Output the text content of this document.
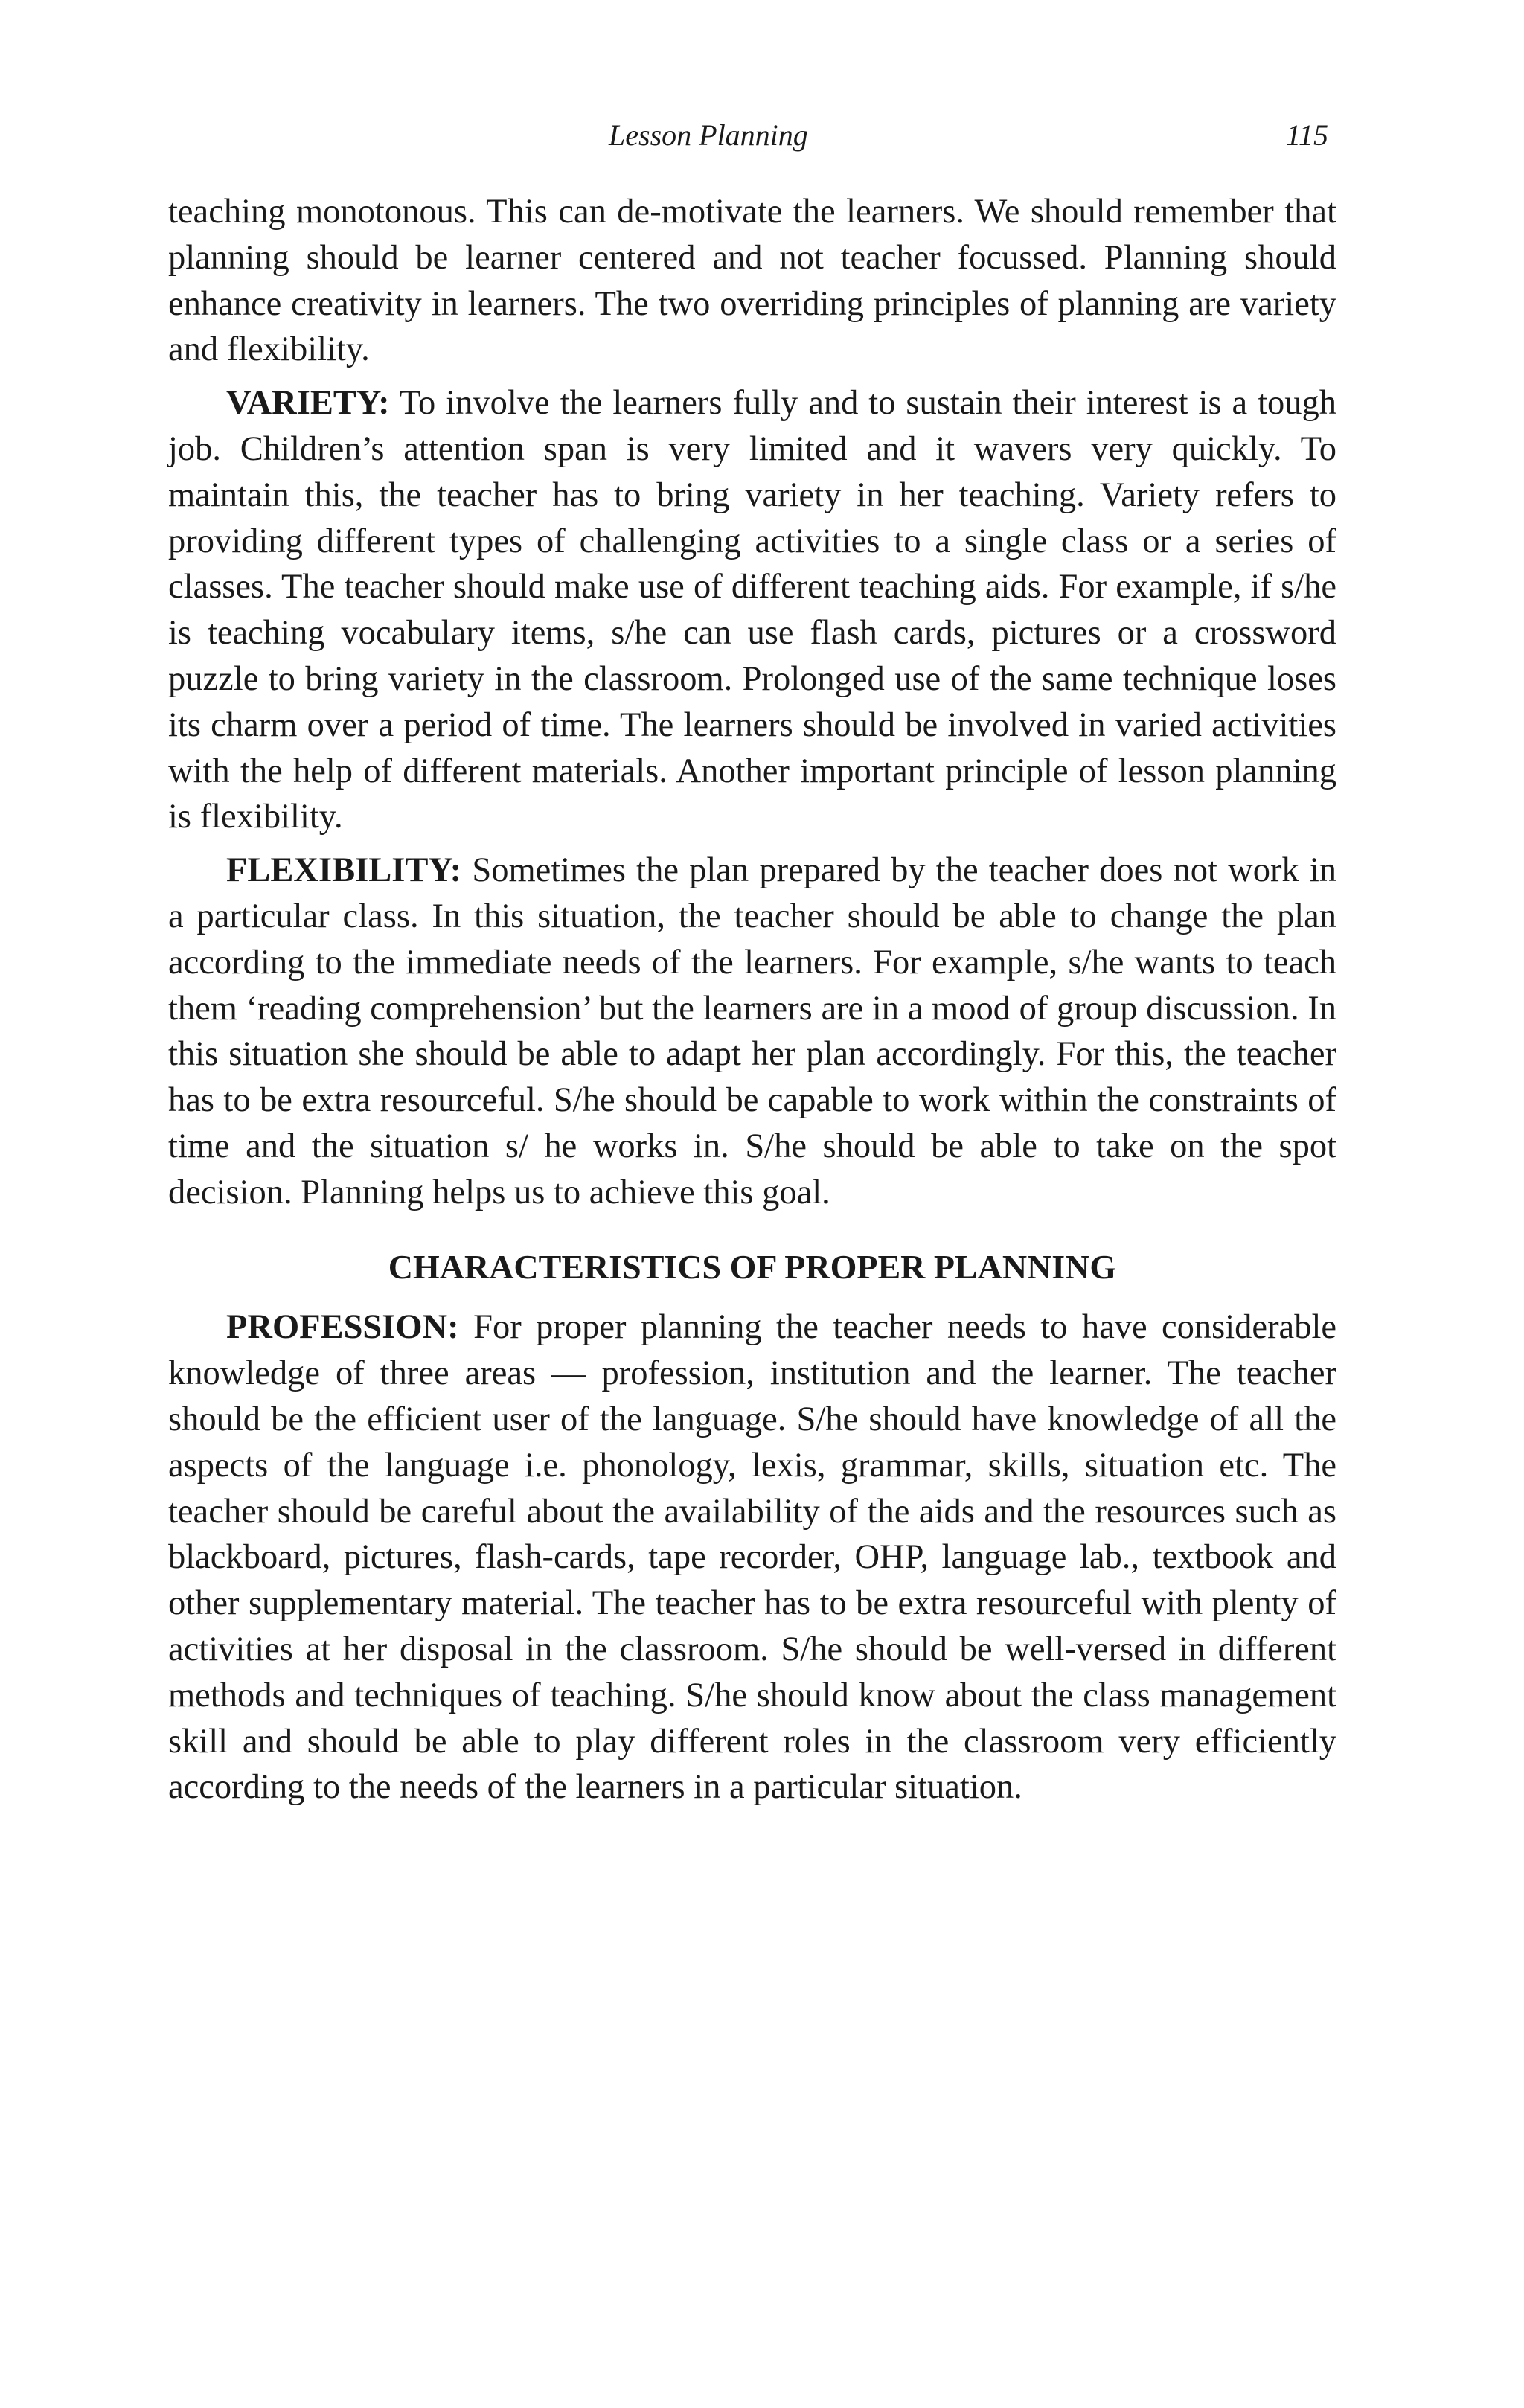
Lesson Planning	115

teaching monotonous. This can de-motivate the learners. We should remember that planning should be learner centered and not teacher focussed. Planning should enhance creativity in learners. The two overriding principles of planning are variety and flexibility.

VARIETY: To involve the learners fully and to sustain their interest is a tough job. Children’s attention span is very limited and it wavers very quickly. To maintain this, the teacher has to bring variety in her teaching. Variety refers to providing different types of challenging activities to a single class or a series of classes. The teacher should make use of different teaching aids. For example, if s/he is teaching vocabulary items, s/he can use flash cards, pictures or a crossword puzzle to bring variety in the classroom. Prolonged use of the same technique loses its charm over a period of time. The learners should be involved in varied activities with the help of different materials. Another important principle of lesson planning is flexibility.

FLEXIBILITY: Sometimes the plan prepared by the teacher does not work in a particular class. In this situation, the teacher should be able to change the plan according to the immediate needs of the learners. For example, s/he wants to teach them ‘reading comprehension’ but the learners are in a mood of group discussion. In this situation she should be able to adapt her plan accordingly. For this, the teacher has to be extra resourceful. S/he should be capable to work within the constraints of time and the situation s/ he works in. S/he should be able to take on the spot decision. Planning helps us to achieve this goal.

CHARACTERISTICS OF PROPER PLANNING

PROFESSION: For proper planning the teacher needs to have considerable knowledge of three areas — profession, institution and the learner. The teacher should be the efficient user of the language. S/he should have knowledge of all the aspects of the language i.e. phonology, lexis, grammar, skills, situation etc. The teacher should be careful about the availability of the aids and the resources such as blackboard, pictures, flash-cards, tape recorder, OHP, language lab., textbook and other supplementary material. The teacher has to be extra resourceful with plenty of activities at her disposal in the classroom. S/he should be well-versed in different methods and techniques of teaching. S/he should know about the class management skill and should be able to play different roles in the classroom very efficiently according to the needs of the learners in a particular situation.
